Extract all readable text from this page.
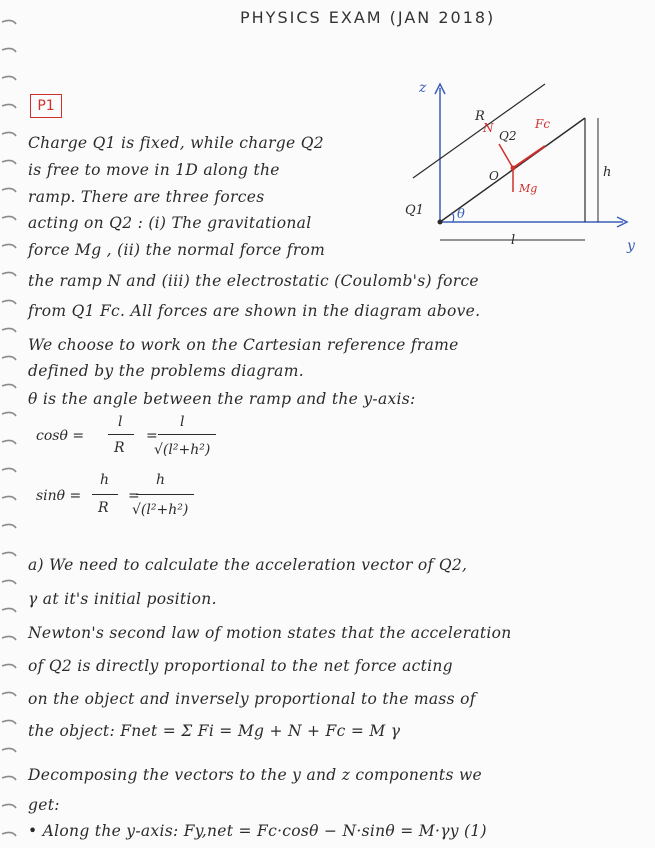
PHYSICS EXAM (JAN 2018)
P1
z
y
R
Q1	θ
O
Q2
N	Fc
Mg
h
l
Charge Q1 is fixed, while charge Q2
is free to move in 1D along the
ramp. There are three forces
acting on Q2 : (i) The gravitational
force Mg , (ii) the normal force from
the ramp N and (iii) the electrostatic (Coulomb's) force
from Q1 Fc. All forces are shown in the diagram above.
We choose to work on the Cartesian reference frame
defined by the problems diagram.
θ is the angle between the ramp and the y-axis:
cosθ =
l
R
=
l
√(l²+h²)
sinθ =
h
R
=
h
√(l²+h²)
a) We need to calculate the acceleration vector of Q2,
γ at it's initial position.
Newton's second law of motion states that the acceleration
of Q2 is directly proportional to the net force acting
on the object and inversely proportional to the mass of
the object: Fnet = Σ Fi = Mg + N + Fc = M γ
Decomposing the vectors to the y and z components we
get:
• Along the y-axis: Fy,net = Fc·cosθ − N·sinθ = M·γy (1)
